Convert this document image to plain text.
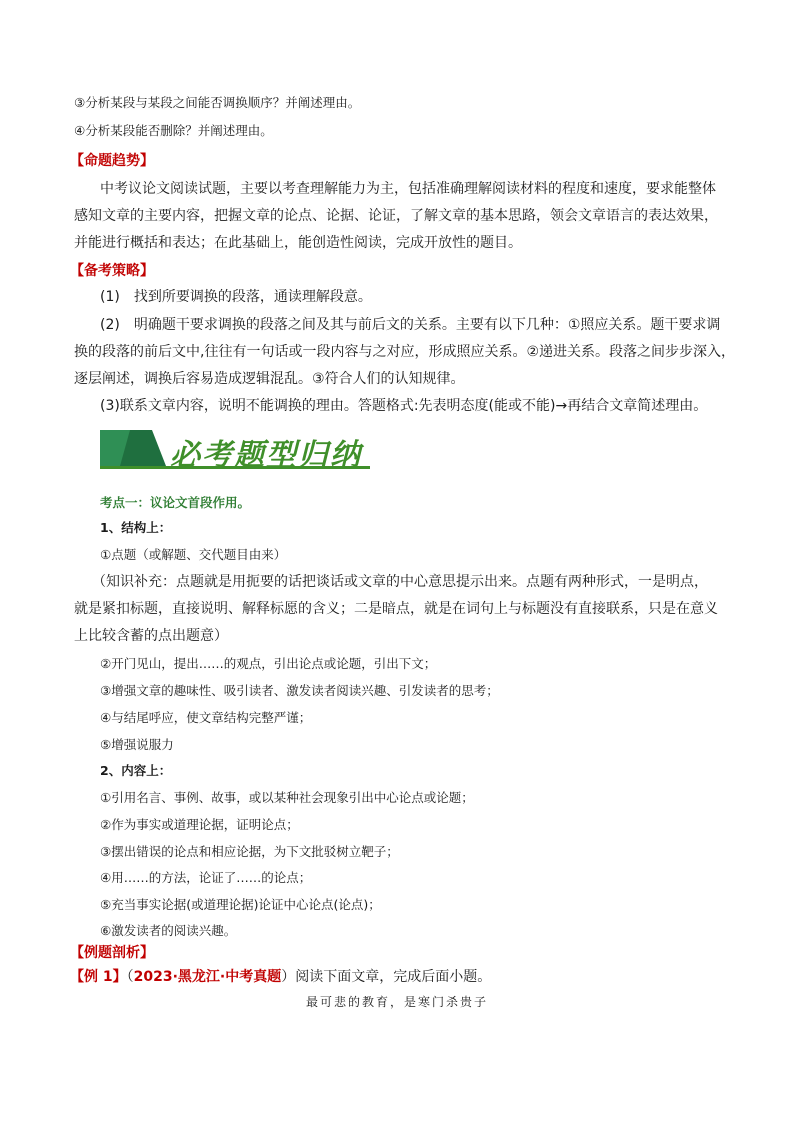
③分析某段与某段之间能否调换顺序？并阐述理由。
④分析某段能否删除？并阐述理由。
【命题趋势】
中考议论文阅读试题，主要以考查理解能力为主，包括准确理解阅读材料的程度和速度，要求能整体
感知文章的主要内容，把握文章的论点、论据、论证，了解文章的基本思路，领会文章语言的表达效果，
并能进行概括和表达；在此基础上，能创造性阅读，完成开放性的题目。
【备考策略】
(1)　找到所要调换的段落，通读理解段意。
(2)　明确题干要求调换的段落之间及其与前后文的关系。主要有以下几种：①照应关系。题干要求调
换的段落的前后文中,往往有一句话或一段内容与之对应，形成照应关系。②递进关系。段落之间步步深入，
逐层阐述，调换后容易造成逻辑混乱。③符合人们的认知规律。
(3)联系文章内容，说明不能调换的理由。答题格式:先表明态度(能或不能)→再结合文章简述理由。
必考题型归纳
考点一：议论文首段作用。
1、结构上：
①点题（或解题、交代题目由来）
（知识补充：点题就是用扼要的话把谈话或文章的中心意思提示出来。点题有两种形式，一是明点，
就是紧扣标题，直接说明、解释标愿的含义；二是暗点，就是在词句上与标题没有直接联系，只是在意义
上比较含蓄的点出题意）
②开门见山，提出……的观点，引出论点或论题，引出下文；
③增强文章的趣味性、吸引读者、激发读者阅读兴趣、引发读者的思考；
④与结尾呼应，使文章结构完整严谨；
⑤增强说服力
2、内容上：
①引用名言、事例、故事，或以某种社会现象引出中心论点或论题；
②作为事实或道理论据，证明论点；
③摆出错误的论点和相应论据，为下文批驳树立靶子；
④用……的方法，论证了……的论点；
⑤充当事实论据(或道理论据)论证中心论点(论点)；
⑥激发读者的阅读兴趣。
【例题剖析】
【例 1】（2023·黑龙江·中考真题）阅读下面文章，完成后面小题。
最可悲的教育，是寒门杀贵子
